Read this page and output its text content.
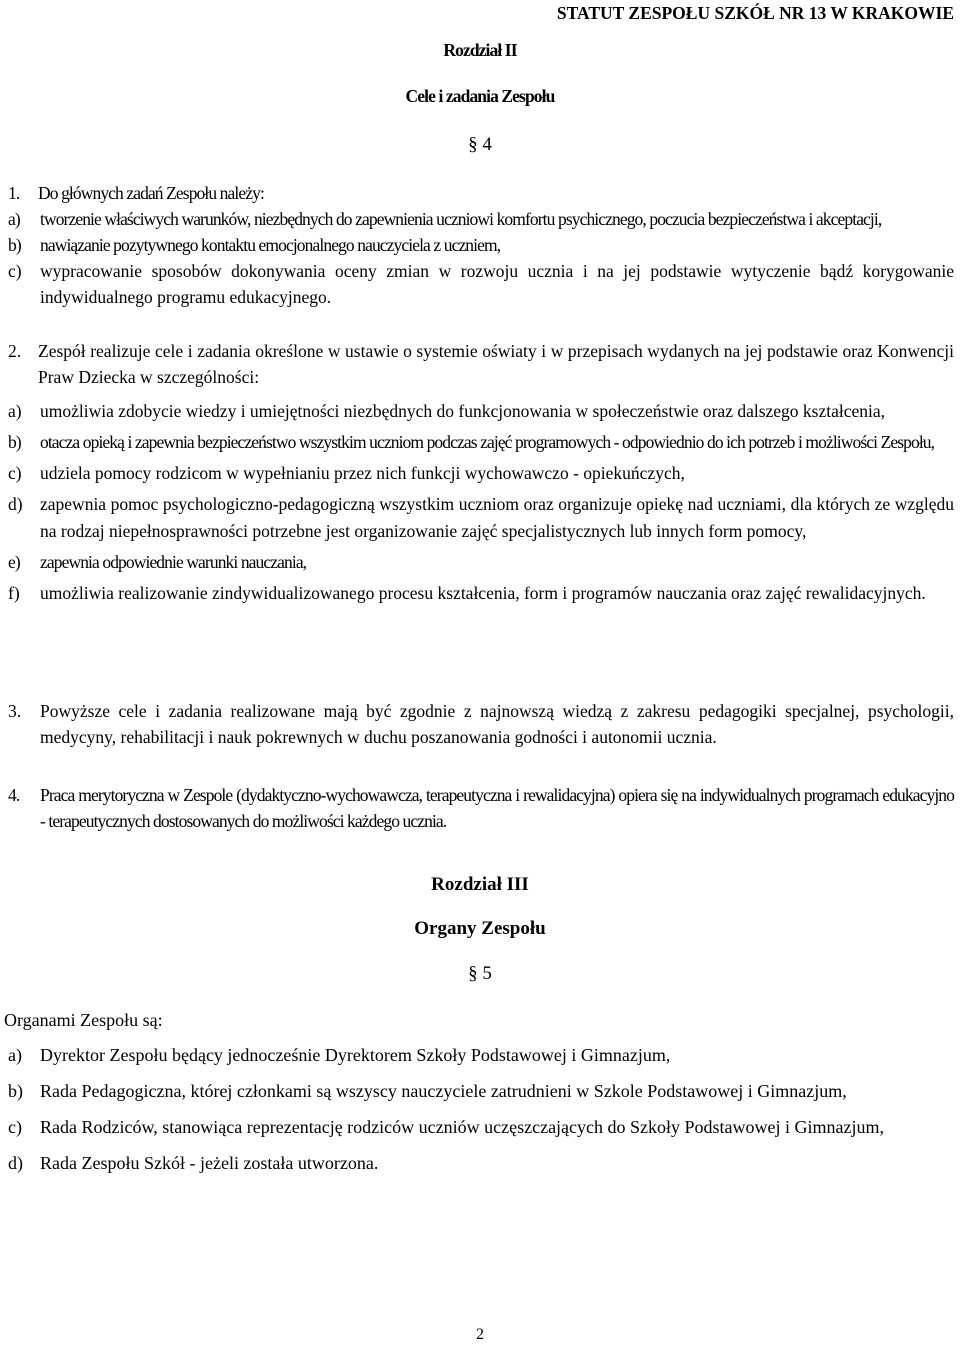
STATUT ZESPOŁU SZKÓŁ NR 13 W KRAKOWIE
Rozdział II
Cele i zadania Zespołu
§ 4
1. Do głównych zadań Zespołu należy:
a) tworzenie właściwych warunków, niezbędnych do zapewnienia uczniowi komfortu psychicznego, poczucia bezpieczeństwa i akceptacji,
b) nawiązanie pozytywnego kontaktu emocjonalnego nauczyciela z uczniem,
c) wypracowanie sposobów dokonywania oceny zmian w rozwoju ucznia i na jej podstawie wytyczenie bądź korygowanie indywidualnego programu edukacyjnego.
2. Zespół realizuje cele i zadania określone w ustawie o systemie oświaty i w przepisach wydanych na jej podstawie oraz Konwencji Praw Dziecka w szczególności:
a) umożliwia zdobycie wiedzy i umiejętności niezbędnych do funkcjonowania w społeczeństwie oraz dalszego kształcenia,
b) otacza opieką i zapewnia bezpieczeństwo wszystkim uczniom podczas zajęć programowych - odpowiednio do ich potrzeb i możliwości Zespołu,
c) udziela pomocy rodzicom w wypełnianiu przez nich funkcji wychowawczo - opiekuńczych,
d) zapewnia pomoc psychologiczno-pedagogiczną wszystkim uczniom oraz organizuje opiekę nad uczniami, dla których ze względu na rodzaj niepełnosprawności potrzebne jest organizowanie zajęć specjalistycznych lub innych form pomocy,
e) zapewnia odpowiednie warunki nauczania,
f) umożliwia realizowanie zindywidualizowanego procesu kształcenia, form i programów nauczania oraz zajęć rewalidacyjnych.
3. Powyższe cele i zadania realizowane mają być zgodnie z najnowszą wiedzą z zakresu pedagogiki specjalnej, psychologii, medycyny, rehabilitacji i nauk pokrewnych w duchu poszanowania godności i autonomii ucznia.
4. Praca merytoryczna w Zespole (dydaktyczno-wychowawcza, terapeutyczna i rewalidacyjna) opiera się na indywidualnych programach edukacyjno - terapeutycznych dostosowanych do możliwości każdego ucznia.
Rozdział III
Organy Zespołu
§ 5
Organami Zespołu są:
a) Dyrektor Zespołu będący jednocześnie Dyrektorem Szkoły Podstawowej i Gimnazjum,
b) Rada Pedagogiczna, której członkami są wszyscy nauczyciele zatrudnieni w Szkole Podstawowej i Gimnazjum,
c) Rada Rodziców, stanowiąca reprezentację rodziców uczniów uczęszczających do Szkoły Podstawowej i Gimnazjum,
d) Rada Zespołu Szkół - jeżeli została utworzona.
2
